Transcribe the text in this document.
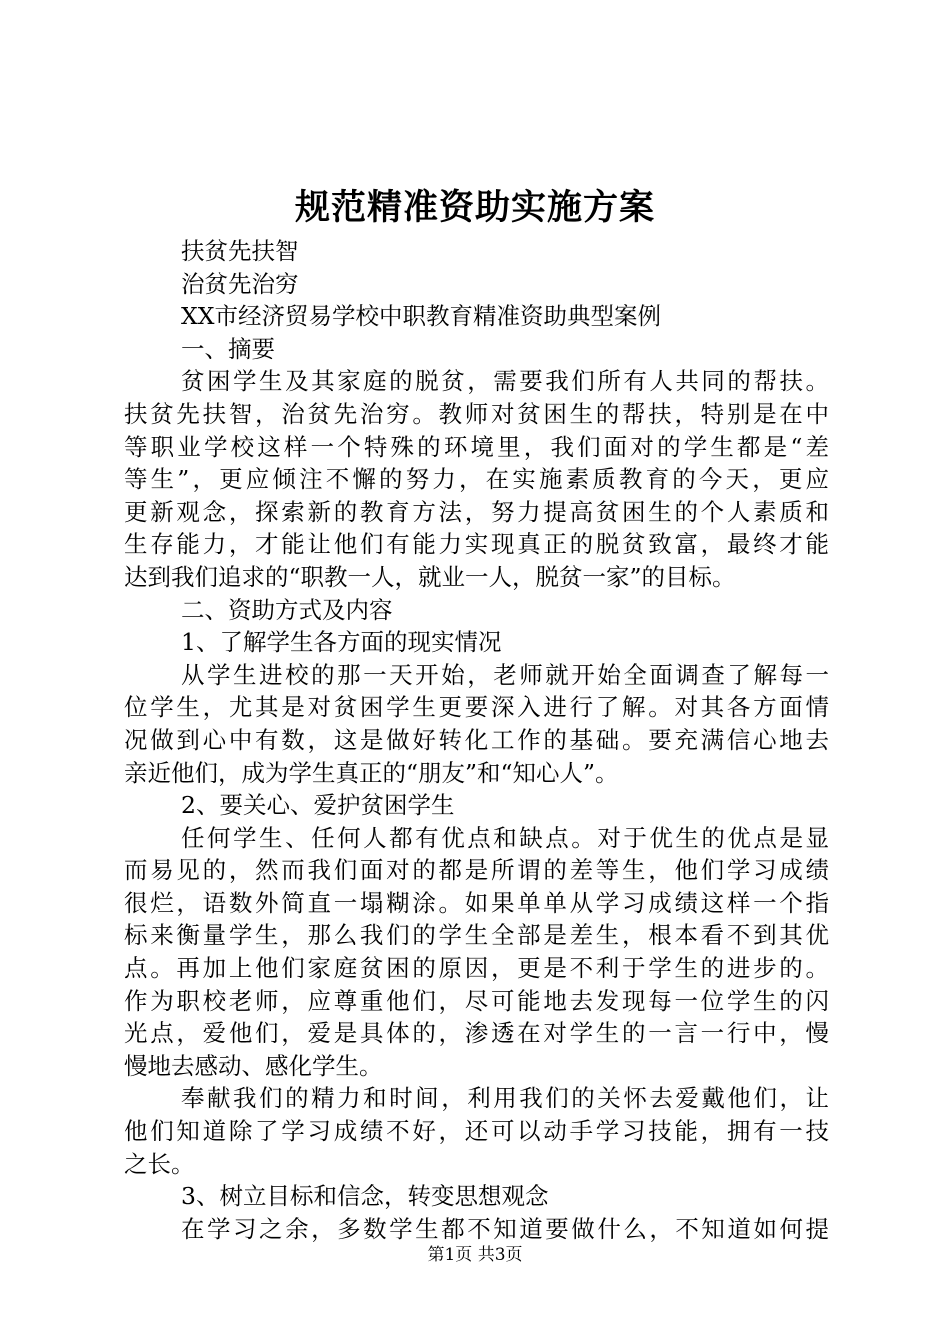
规范精准资助实施方案
扶贫先扶智
治贫先治穷
XX市经济贸易学校中职教育精准资助典型案例
一、摘要
贫困学生及其家庭的脱贫，需要我们所有人共同的帮扶。
扶贫先扶智，治贫先治穷。教师对贫困生的帮扶，特别是在中
等职业学校这样一个特殊的环境里，我们面对的学生都是“差
等生”，更应倾注不懈的努力，在实施素质教育的今天，更应
更新观念，探索新的教育方法，努力提高贫困生的个人素质和
生存能力，才能让他们有能力实现真正的脱贫致富，最终才能
达到我们追求的“职教一人，就业一人，脱贫一家”的目标。
二、资助方式及内容
1、了解学生各方面的现实情况
从学生进校的那一天开始，老师就开始全面调查了解每一
位学生，尤其是对贫困学生更要深入进行了解。对其各方面情
况做到心中有数，这是做好转化工作的基础。要充满信心地去
亲近他们，成为学生真正的“朋友”和“知心人”。
2、要关心、爱护贫困学生
任何学生、任何人都有优点和缺点。对于优生的优点是显
而易见的，然而我们面对的都是所谓的差等生，他们学习成绩
很烂，语数外简直一塌糊涂。如果单单从学习成绩这样一个指
标来衡量学生，那么我们的学生全部是差生，根本看不到其优
点。再加上他们家庭贫困的原因，更是不利于学生的进步的。
作为职校老师，应尊重他们，尽可能地去发现每一位学生的闪
光点，爱他们，爱是具体的，渗透在对学生的一言一行中，慢
慢地去感动、感化学生。
奉献我们的精力和时间，利用我们的关怀去爱戴他们，让
他们知道除了学习成绩不好，还可以动手学习技能，拥有一技
之长。
3、树立目标和信念，转变思想观念
在学习之余，多数学生都不知道要做什么，不知道如何提
第1页 共3页
